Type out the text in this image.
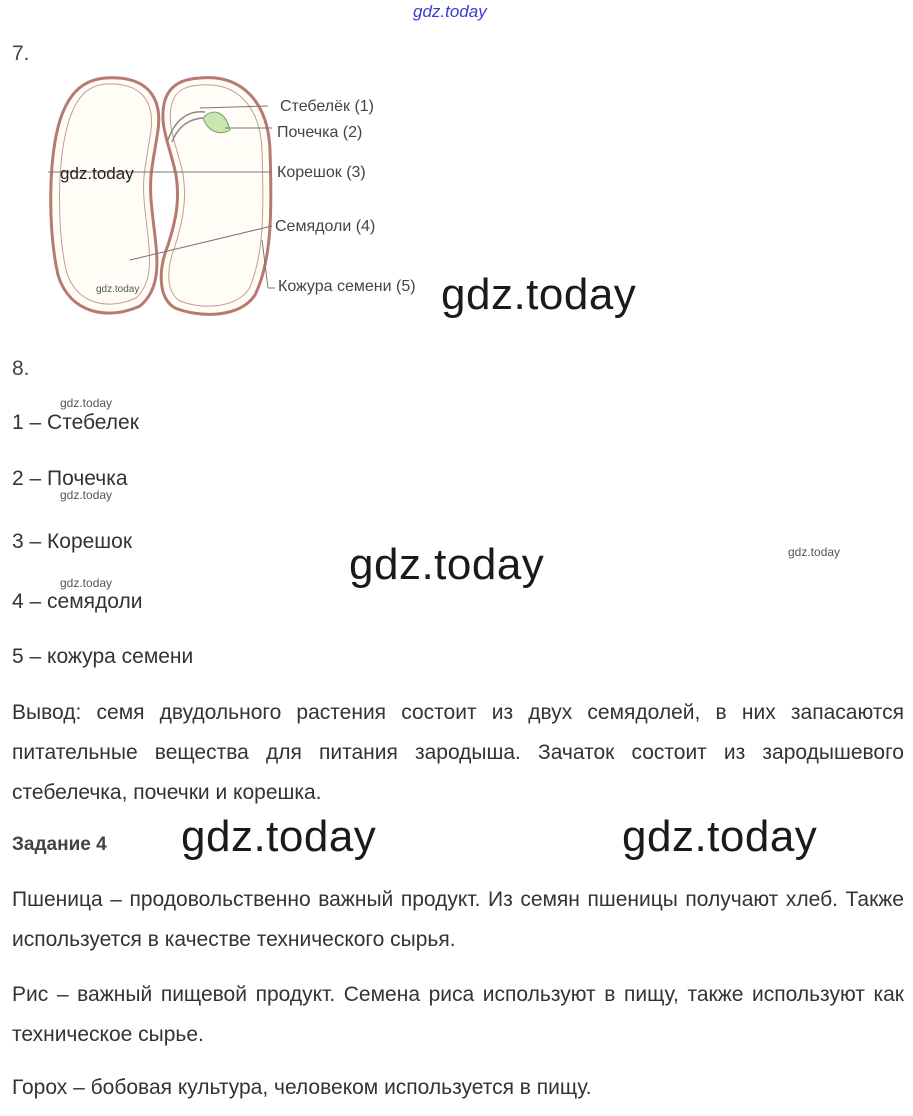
gdz.today
7.
Стебелёк (1)
Почечка (2)
Корешок (3)
Семядоли (4)
Кожура семени (5)
gdz.today
gdz.today	gdz.today
8.
gdz.today
1 – Стебелек
2 – Почечка
gdz.today
3 – Корешок	gdz.today	gdz.today
gdz.today
4 – семядоли
5 – кожура семени
Вывод: семя двудольного растения состоит из двух семядолей, в них запасаются питательные вещества для питания зародыша. Зачаток состоит из зародышевого стебелечка, почечки и корешка.
Задание 4 gdz.today	gdz.today
Пшеница – продовольственно важный продукт. Из семян пшеницы получают хлеб. Также используется в качестве технического сырья.
Рис – важный пищевой продукт. Семена риса используют в пищу, также используют как техническое сырье.
Горох – бобовая культура, человеком используется в пищу.
